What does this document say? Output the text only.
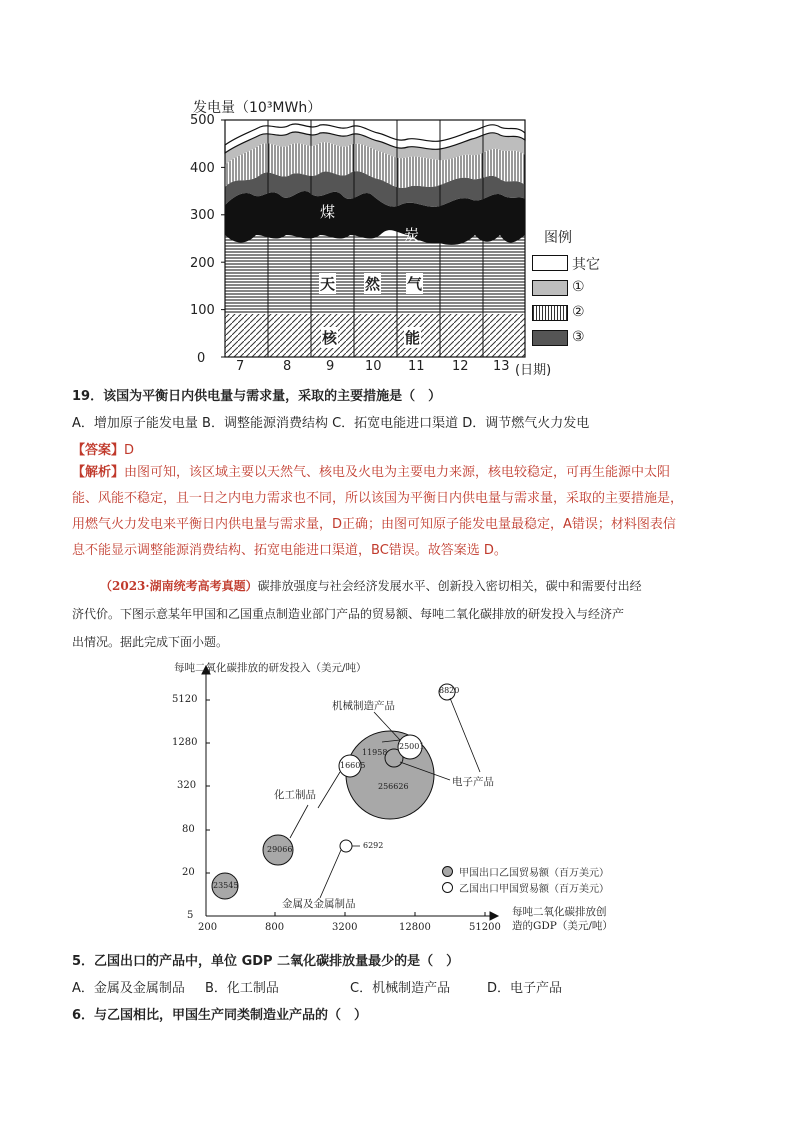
发电量（10³MWh）
0
100
200
300
400
500
7	8	9 10 11 12 13 (日期)
煤
炭
天 然 气
核	能
图例
其它
①
②
③
19．该国为平衡日内供电量与需求量，采取的主要措施是（　）
A．增加原子能发电量 B．调整能源消费结构 C．拓宽电能进口渠道 D．调节燃气火力发电
【答案】D
【解析】由图可知，该区域主要以天然气、核电及火电为主要电力来源，核电较稳定，可再生能源中太阳
能、风能不稳定，且一日之内电力需求也不同，所以该国为平衡日内供电量与需求量，采取的主要措施是，
用燃气火力发电来平衡日内供电量与需求量，D正确；由图可知原子能发电量最稳定，A错误；材料图表信
息不能显示调整能源消费结构、拓宽电能进口渠道，BC错误。故答案选 D。
（2023·湖南统考高考真题）碳排放强度与社会经济发展水平、创新投入密切相关，碳中和需要付出经
济代价。下图示意某年甲国和乙国重点制造业部门产品的贸易额、每吨二氧化碳排放的研发投入与经济产
出情况。据此完成下面小题。
每吨二氧化碳排放的研发投入（美元/吨）
每吨二氧化碳排放创
造的GDP（美元/吨）
5120
1280
320
80
20
5
200	800	3200	12800	51200
8820
25001
11958
16605
256626
29066	6292
23545
机械制造产品
化工制品
电子产品
金属及金属制品
甲国出口乙国贸易额（百万美元）
乙国出口甲国贸易额（百万美元）
5．乙国出口的产品中，单位 GDP 二氧化碳排放量最少的是（　）
A．金属及金属制品 B．化工制品	C．机械制造产品	D．电子产品
6．与乙国相比，甲国生产同类制造业产品的（　）
